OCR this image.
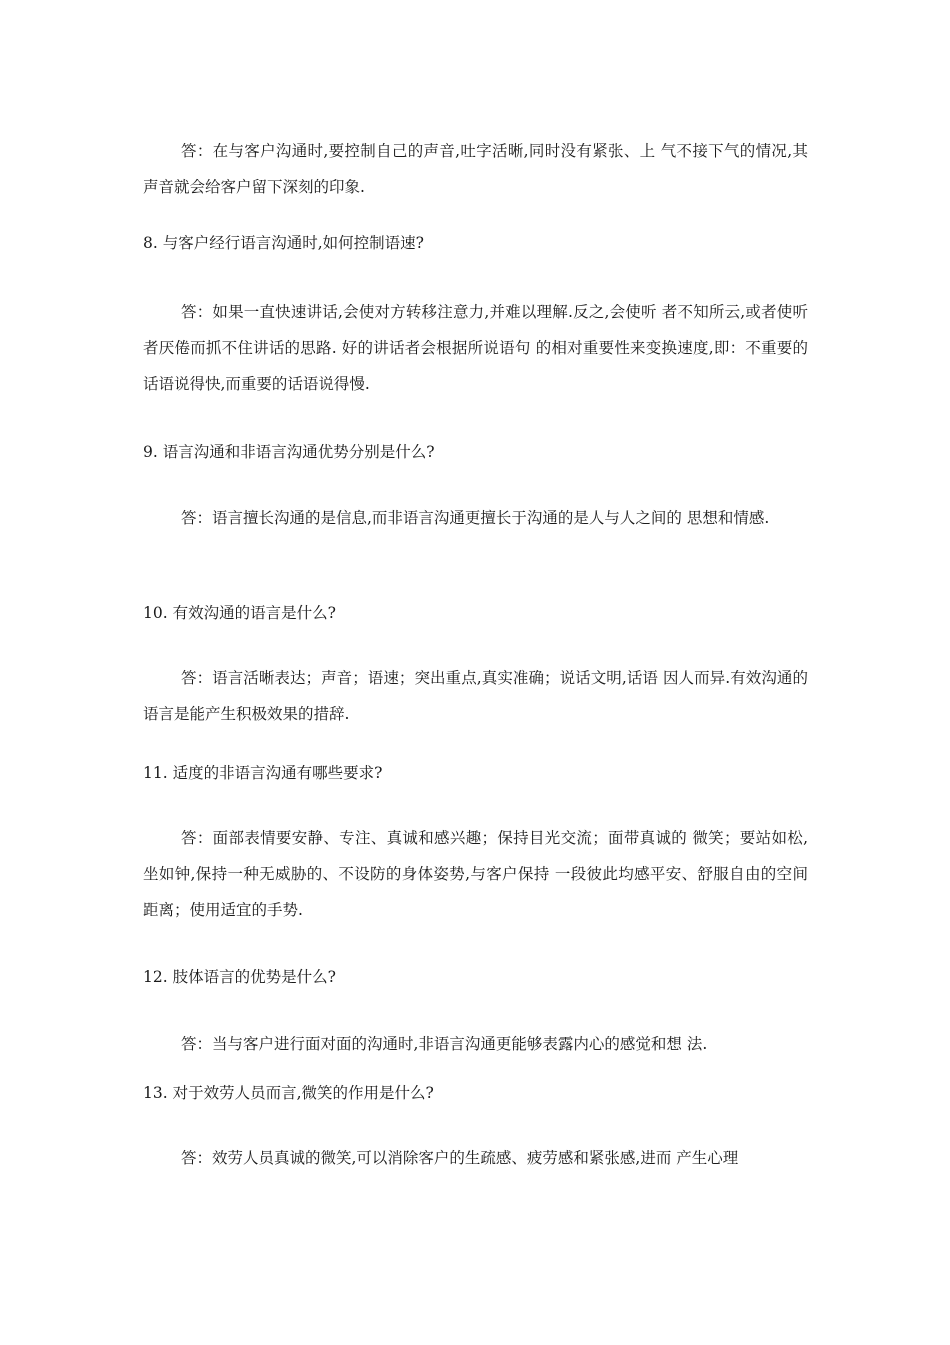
答：在与客户沟通时,要控制自己的声音,吐字活晰,同时没有紧张、上 气不接下气的情况,其声音就会给客户留下深刻的印象.

8. 与客户经行语言沟通时,如何控制语速?

答：如果一直快速讲话,会使对方转移注意力,并难以理解.反之,会使听 者不知所云,或者使听者厌倦而抓不住讲话的思路. 好的讲话者会根据所说语句 的相对重要性来变换速度,即：不重要的话语说得快,而重要的话语说得慢.

9. 语言沟通和非语言沟通优势分别是什么?

答：语言擅长沟通的是信息,而非语言沟通更擅长于沟通的是人与人之间的 思想和情感.

10. 有效沟通的语言是什么?

答：语言活晰表达；声音；语速；突出重点,真实准确；说话文明,话语 因人而异.有效沟通的语言是能产生积极效果的措辞.

11. 适度的非语言沟通有哪些要求?

答：面部表情要安静、专注、真诚和感兴趣；保持目光交流；面带真诚的 微笑；要站如松,坐如钟,保持一种无威胁的、不设防的身体姿势,与客户保持 一段彼此均感平安、舒服自由的空间距离；使用适宜的手势.

12. 肢体语言的优势是什么?

答：当与客户进行面对面的沟通时,非语言沟通更能够表露内心的感觉和想 法.

13. 对于效劳人员而言,微笑的作用是什么?

答：效劳人员真诚的微笑,可以消除客户的生疏感、疲劳感和紧张感,进而 产生心理
